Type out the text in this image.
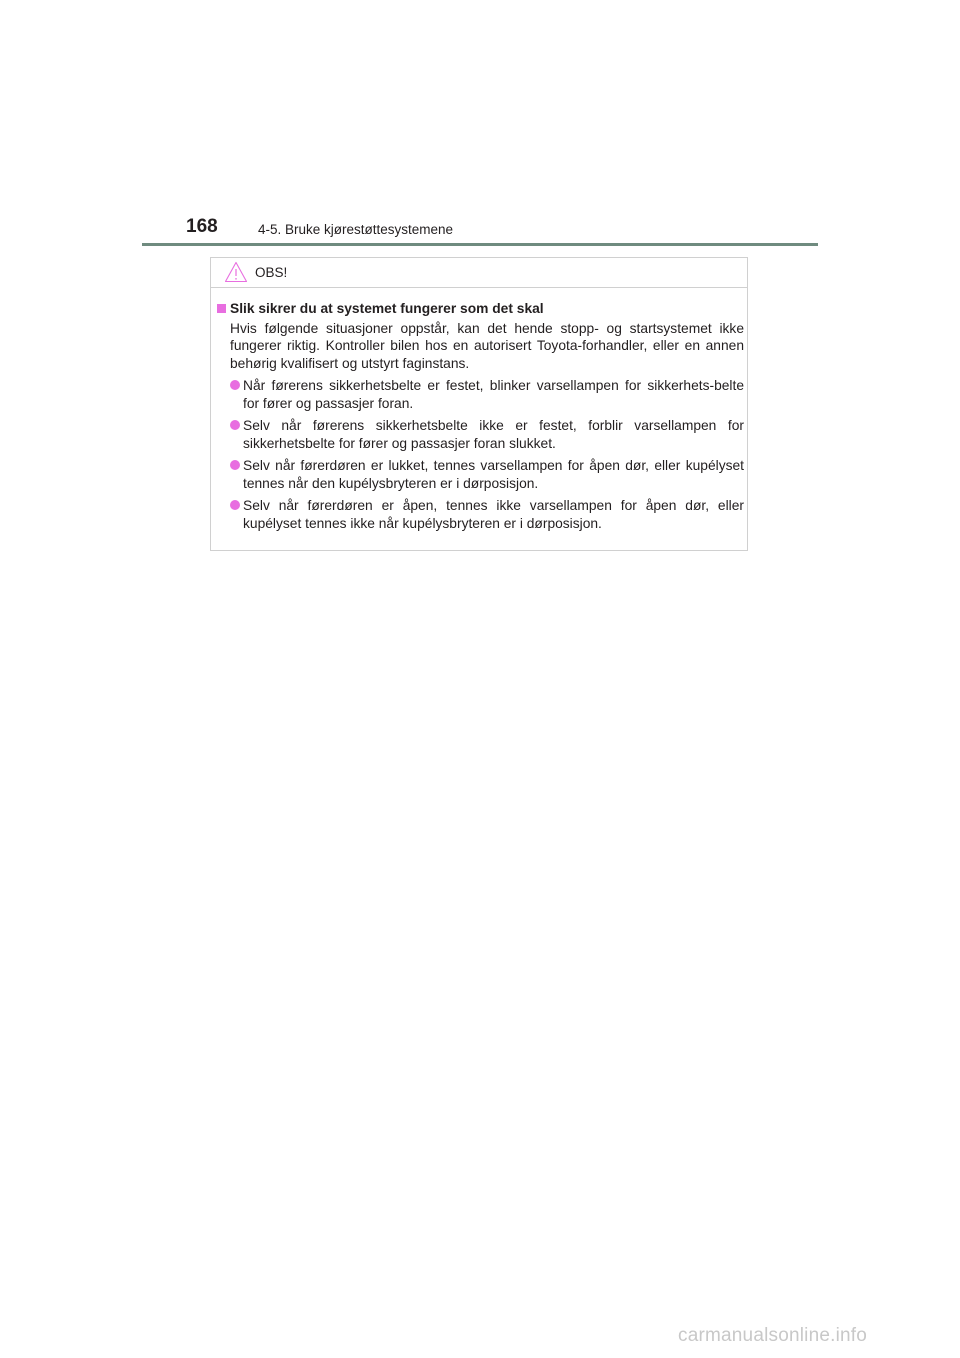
168	4-5. Bruke kjørestøttesystemene
OBS!

Slik sikrer du at systemet fungerer som det skal

Hvis følgende situasjoner oppstår, kan det hende stopp- og startsystemet ikke fungerer riktig. Kontroller bilen hos en autorisert Toyota-forhandler, eller en annen behørig kvalifisert og utstyrt faginstans.

Når førerens sikkerhetsbelte er festet, blinker varsellampen for sikkerhets-belte for fører og passasjer foran.

Selv når førerens sikkerhetsbelte ikke er festet, forblir varsellampen for sikkerhetsbelte for fører og passasjer foran slukket.

Selv når førerdøren er lukket, tennes varsellampen for åpen dør, eller kupélyset tennes når den kupélysbryteren er i dørposisjon.

Selv når førerdøren er åpen, tennes ikke varsellampen for åpen dør, eller kupélyset tennes ikke når kupélysbryteren er i dørposisjon.

carmanualsonline.info
